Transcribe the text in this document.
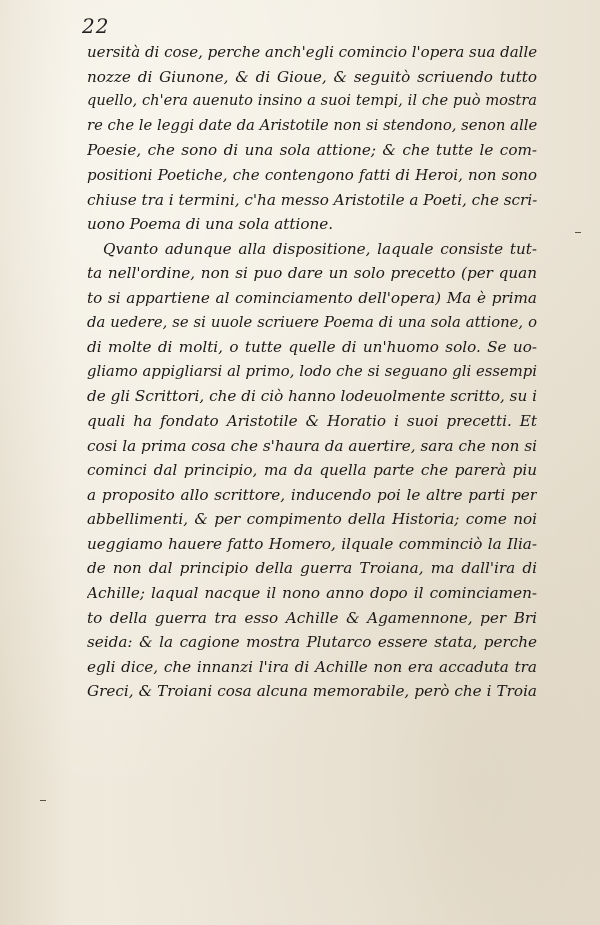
22

uersità di cose, perche anch'egli comincio l'opera sua dalle
nozze di Giunone, & di Gioue, & seguitò scriuendo tutto
quello, ch'era auenuto insino a suoi tempi, il che può mostra
re che le leggi date da Aristotile non si stendono, senon alle
Poesie, che sono di una sola attione; & che tutte le com-
positioni Poetiche, che contengono fatti di Heroi, non sono
chiuse tra i termini, c'ha messo Aristotile a Poeti, che scri-
uono Poema di una sola attione.
Qvanto adunque alla dispositione, laquale consiste tut-
ta nell'ordine, non si puo dare un solo precetto (per quan
to si appartiene al cominciamento dell'opera) Ma è prima
da uedere, se si uuole scriuere Poema di una sola attione, o
di molte di molti, o tutte quelle di un'huomo solo. Se uo-
gliamo appigliarsi al primo, lodo che si seguano gli essempi
de gli Scrittori, che di ciò hanno lodeuolmente scritto, su i
quali ha fondato Aristotile & Horatio i suoi precetti. Et
cosi la prima cosa che s'haura da auertire, sara che non si
cominci dal principio, ma da quella parte che parerà piu
a proposito allo scrittore, inducendo poi le altre parti per
abbellimenti, & per compimento della Historia; come noi
ueggiamo hauere fatto Homero, ilquale comminciò la Ilia-
de non dal principio della guerra Troiana, ma dall'ira di
Achille; laqual nacque il nono anno dopo il cominciamen-
to della guerra tra esso Achille & Agamennone, per Bri
seida: & la cagione mostra Plutarco essere stata, perche
egli dice, che innanzi l'ira di Achille non era accaduta tra
Greci, & Troiani cosa alcuna memorabile, però che i Troia
